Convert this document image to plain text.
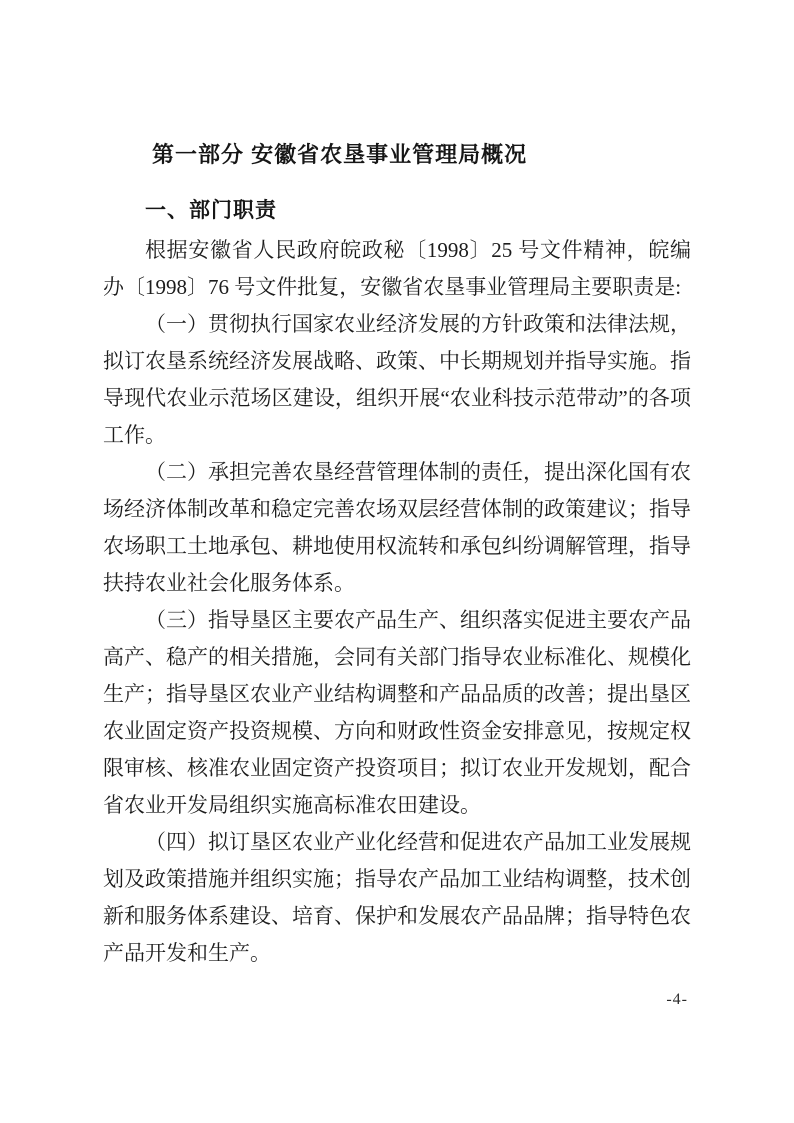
第一部分 安徽省农垦事业管理局概况
一、部门职责

根据安徽省人民政府皖政秘〔1998〕25 号文件精神，皖编办〔1998〕76 号文件批复，安徽省农垦事业管理局主要职责是:

（一）贯彻执行国家农业经济发展的方针政策和法律法规，拟订农垦系统经济发展战略、政策、中长期规划并指导实施。指导现代农业示范场区建设，组织开展“农业科技示范带动”的各项工作。

（二）承担完善农垦经营管理体制的责任，提出深化国有农场经济体制改革和稳定完善农场双层经营体制的政策建议；指导农场职工土地承包、耕地使用权流转和承包纠纷调解管理，指导扶持农业社会化服务体系。

（三）指导垦区主要农产品生产、组织落实促进主要农产品高产、稳产的相关措施，会同有关部门指导农业标准化、规模化生产；指导垦区农业产业结构调整和产品品质的改善；提出垦区农业固定资产投资规模、方向和财政性资金安排意见，按规定权限审核、核准农业固定资产投资项目；拟订农业开发规划，配合省农业开发局组织实施高标准农田建设。

（四）拟订垦区农业产业化经营和促进农产品加工业发展规划及政策措施并组织实施；指导农产品加工业结构调整，技术创新和服务体系建设、培育、保护和发展农产品品牌；指导特色农产品开发和生产。

-4-
